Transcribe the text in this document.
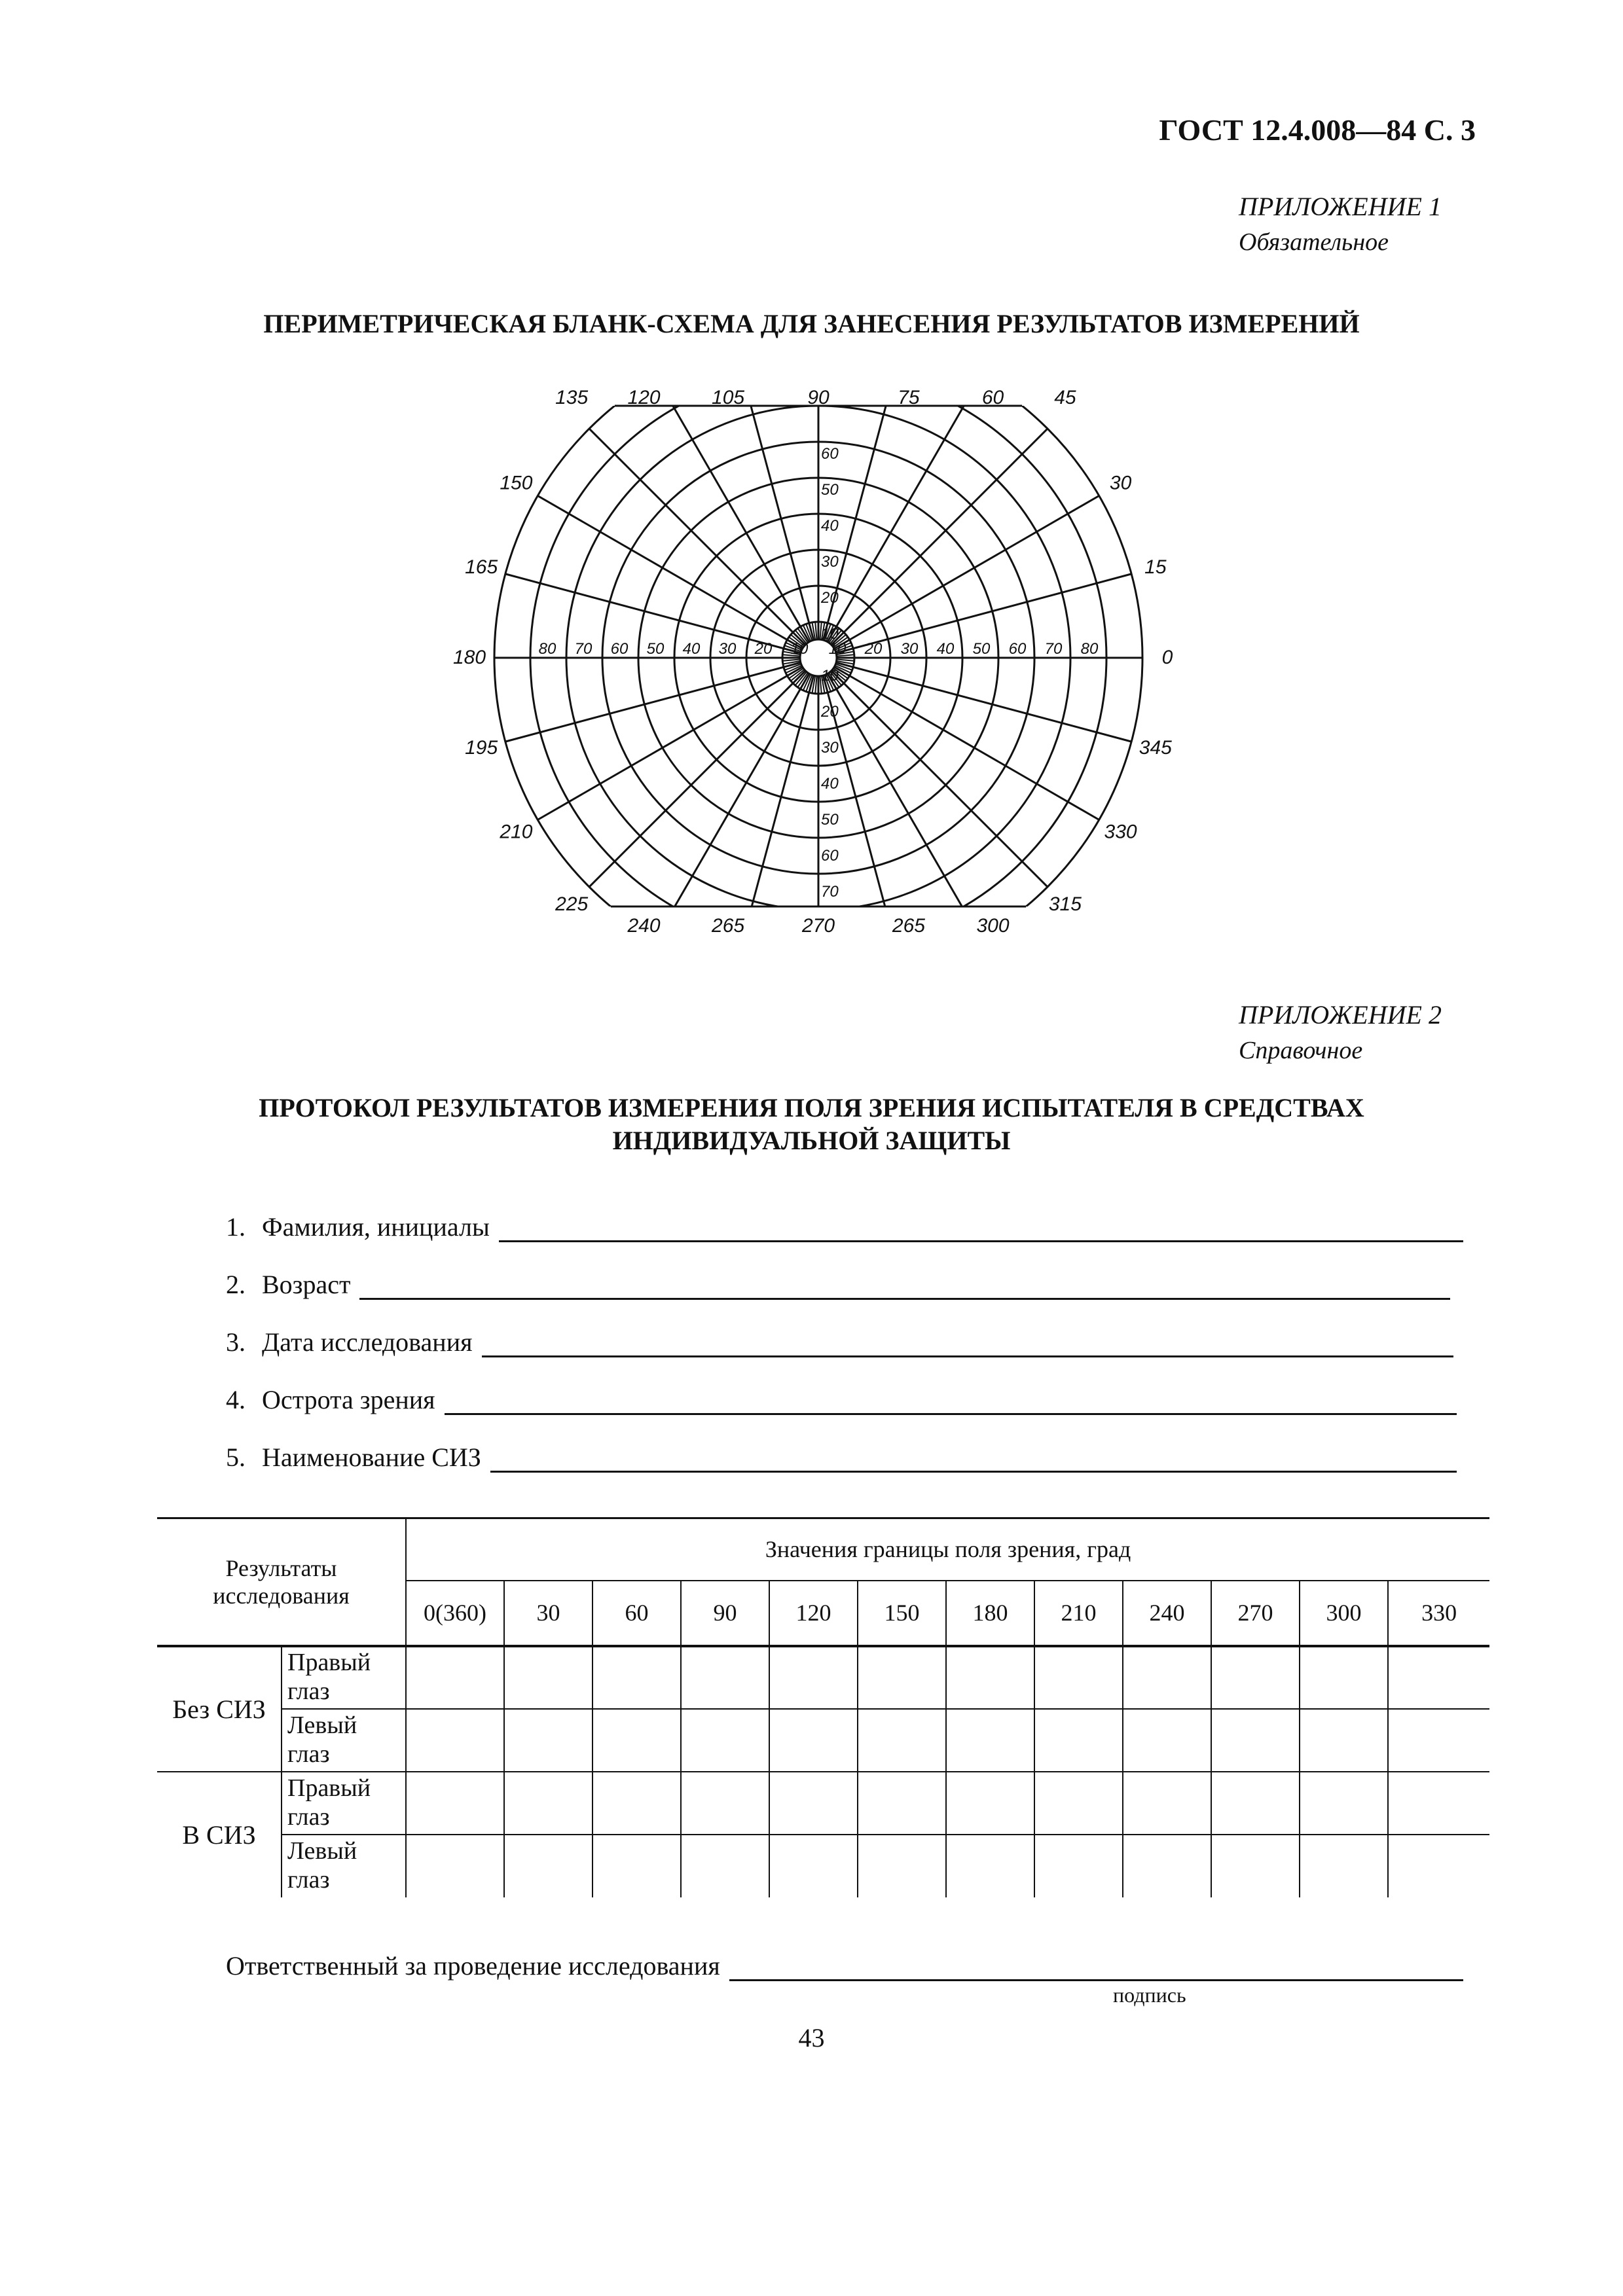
ГОСТ 12.4.008—84 С. 3
ПРИЛОЖЕНИЕ 1
Обязательное
ПЕРИМЕТРИЧЕСКАЯ БЛАНК-СХЕМА ДЛЯ ЗАНЕСЕНИЯ РЕЗУЛЬТАТОВ ИЗМЕРЕНИЙ
0
15
30
45
60
75
90
105
120
135
150
165
180
195
210
225
240	265	270	265	300
315
330
345
10
10	20
20	30
30	40
40	50
50	60
60	70
70	80
80
10
20
30
40
50
60
10
20
30
40
50
60
70
ПРИЛОЖЕНИЕ 2
Справочное
ПРОТОКОЛ РЕЗУЛЬТАТОВ ИЗМЕРЕНИЯ ПОЛЯ ЗРЕНИЯ ИСПЫТАТЕЛЯ В СРЕДСТВАХ
ИНДИВИДУАЛЬНОЙ ЗАЩИТЫ
1. Фамилия, инициалы
2. Возраст
3. Дата исследования
4. Острота зрения
5. Наименование СИЗ
Результаты исследования		Значения границы поля зрения, град											
		0(360)	30	60	90	120	150	180	210	240	270	300	330
Без СИЗ	Правый глаз												
	Левый глаз												
В СИЗ	Правый глаз												
	Левый глаз												
Ответственный за проведение исследования
подпись
43
